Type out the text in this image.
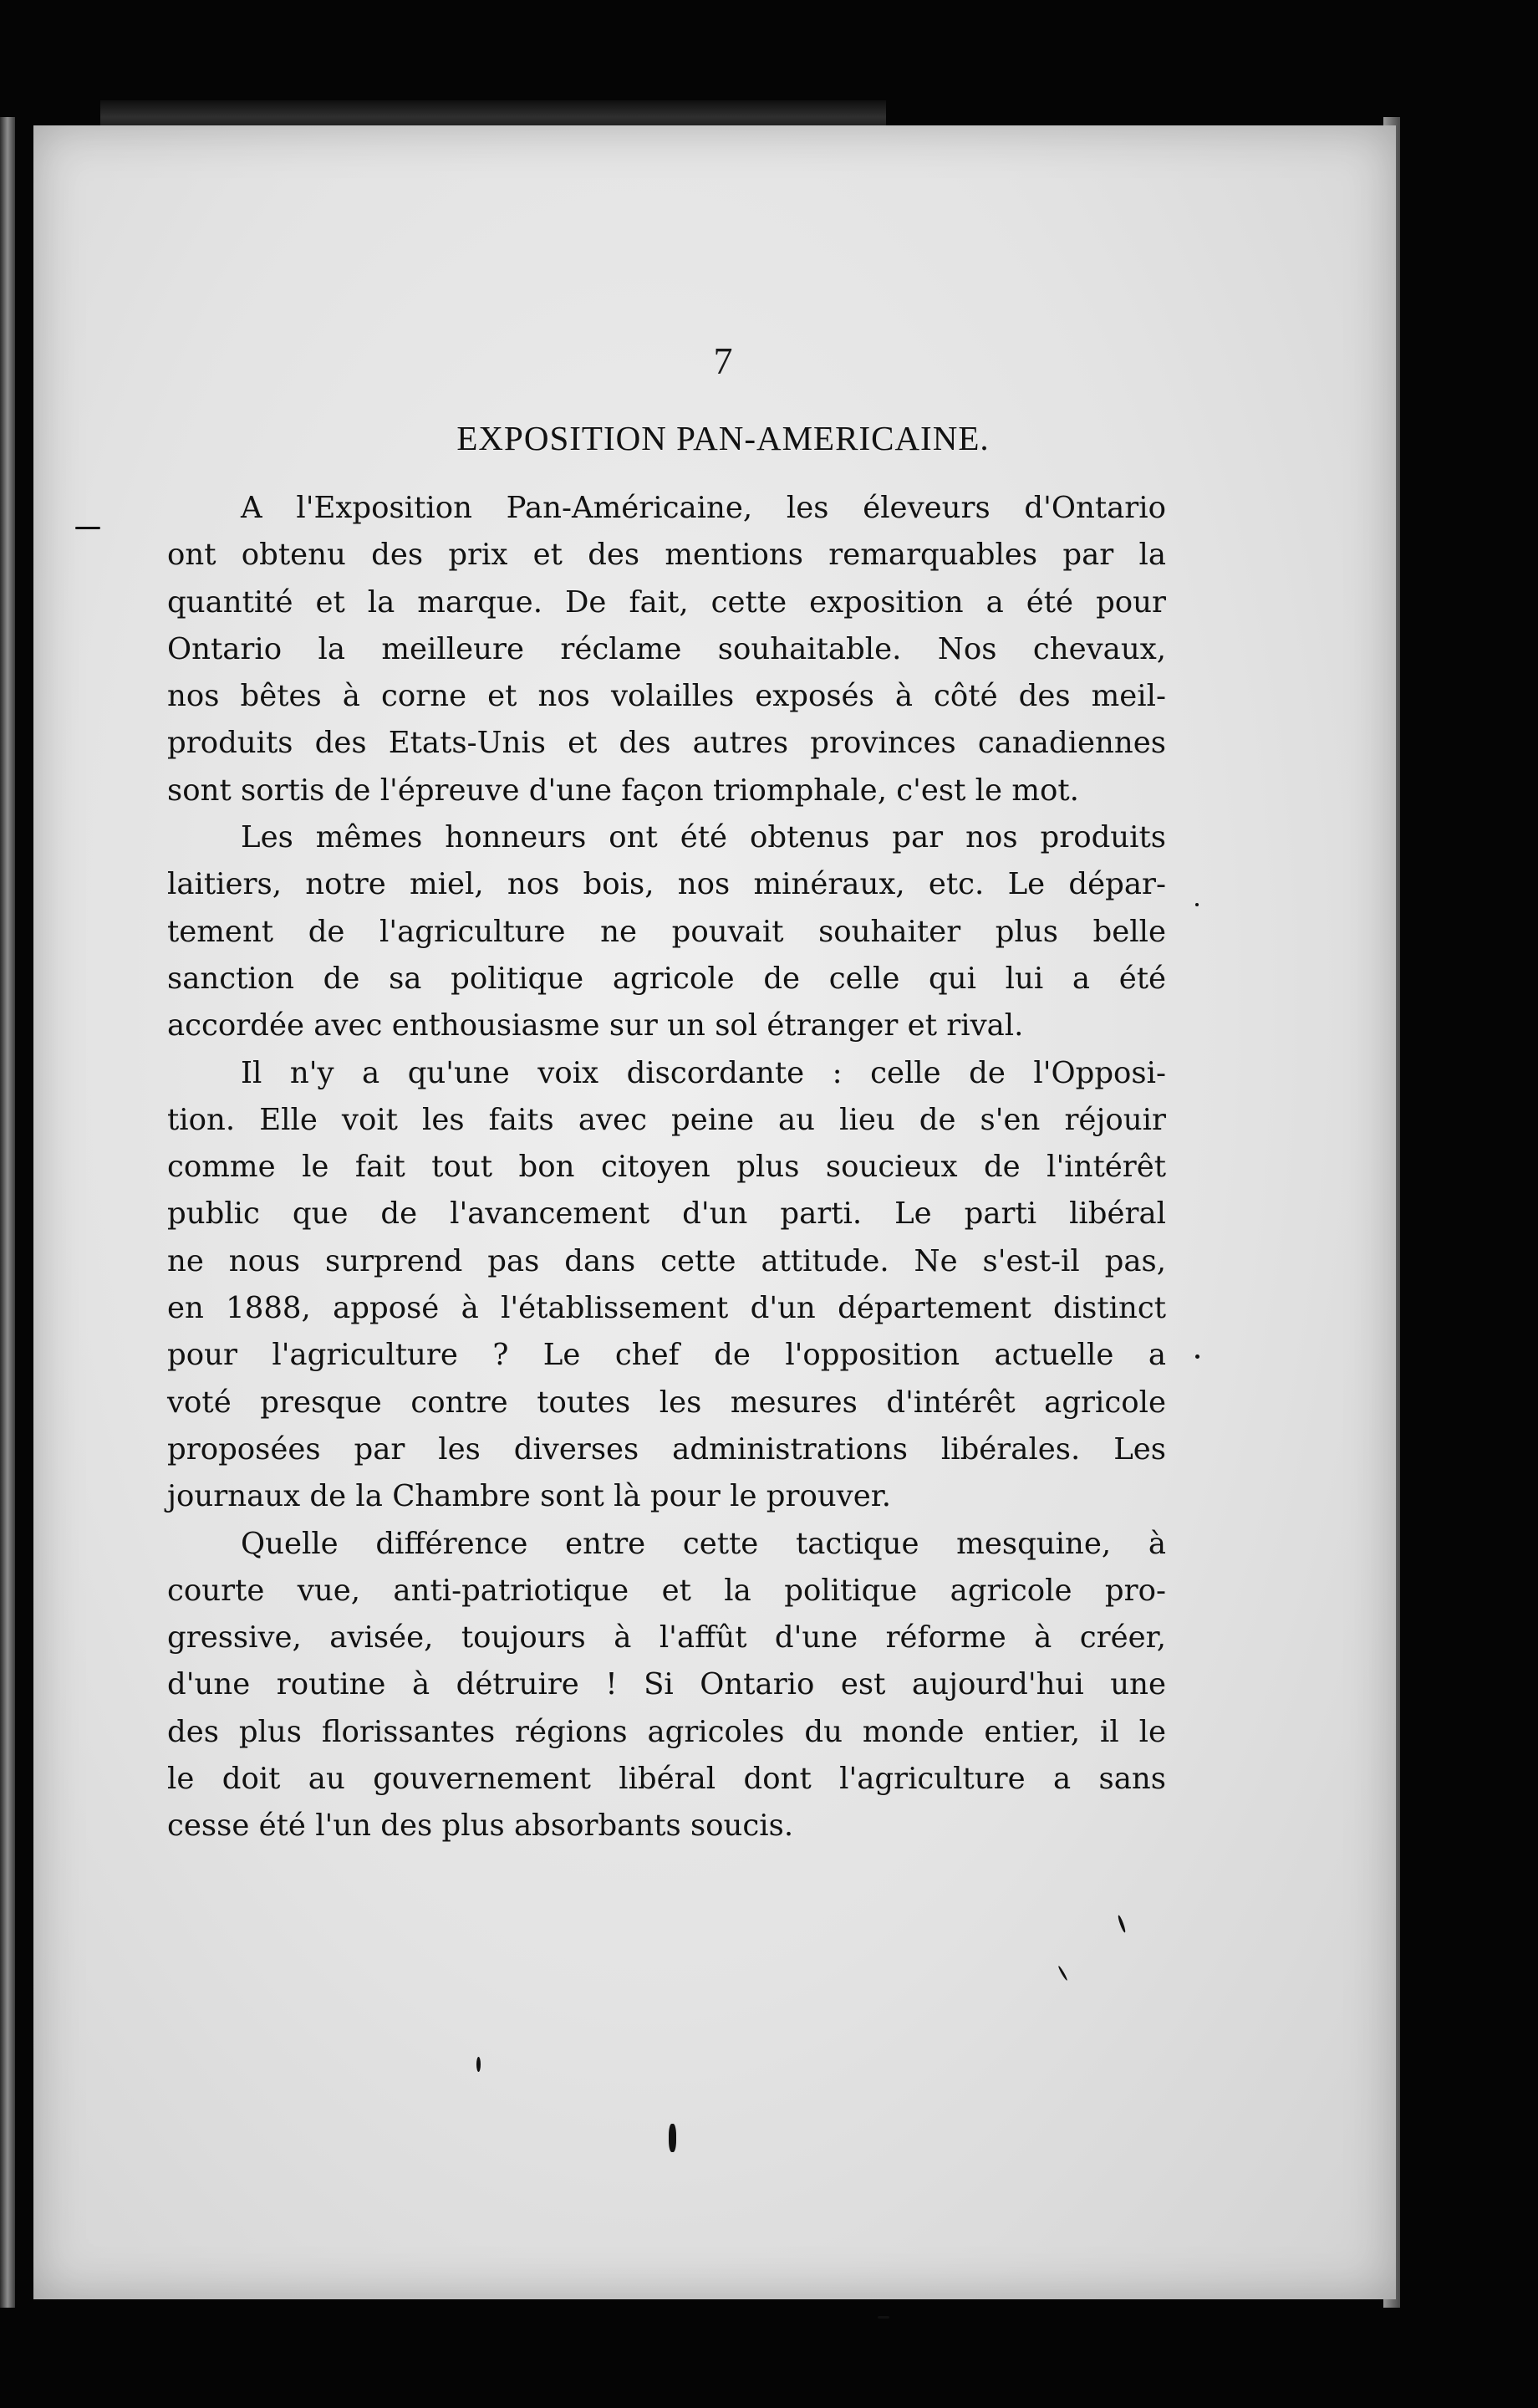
7
EXPOSITION PAN-AMERICAINE.
A l'Exposition Pan-Américaine, les éleveurs d'Ontario
ont obtenu des prix et des mentions remarquables par la
quantité et la marque. De fait, cette exposition a été pour
Ontario la meilleure réclame souhaitable. Nos chevaux,
nos bêtes à corne et nos volailles exposés à côté des meil-
produits des Etats-Unis et des autres provinces canadiennes
sont sortis de l'épreuve d'une façon triomphale, c'est le mot.
Les mêmes honneurs ont été obtenus par nos produits
laitiers, notre miel, nos bois, nos minéraux, etc. Le dépar-
tement de l'agriculture ne pouvait souhaiter plus belle
sanction de sa politique agricole de celle qui lui a été
accordée avec enthousiasme sur un sol étranger et rival.
Il n'y a qu'une voix discordante : celle de l'Opposi-
tion. Elle voit les faits avec peine au lieu de s'en réjouir
comme le fait tout bon citoyen plus soucieux de l'intérêt
public que de l'avancement d'un parti. Le parti libéral
ne nous surprend pas dans cette attitude. Ne s'est-il pas,
en 1888, apposé à l'établissement d'un département distinct
pour l'agriculture ? Le chef de l'opposition actuelle a
voté presque contre toutes les mesures d'intérêt agricole
proposées par les diverses administrations libérales. Les
journaux de la Chambre sont là pour le prouver.
Quelle différence entre cette tactique mesquine, à
courte vue, anti-patriotique et la politique agricole pro-
gressive, avisée, toujours à l'affût d'une réforme à créer,
d'une routine à détruire ! Si Ontario est aujourd'hui une
des plus florissantes régions agricoles du monde entier, il le
le doit au gouvernement libéral dont l'agriculture a sans
cesse été l'un des plus absorbants soucis.
